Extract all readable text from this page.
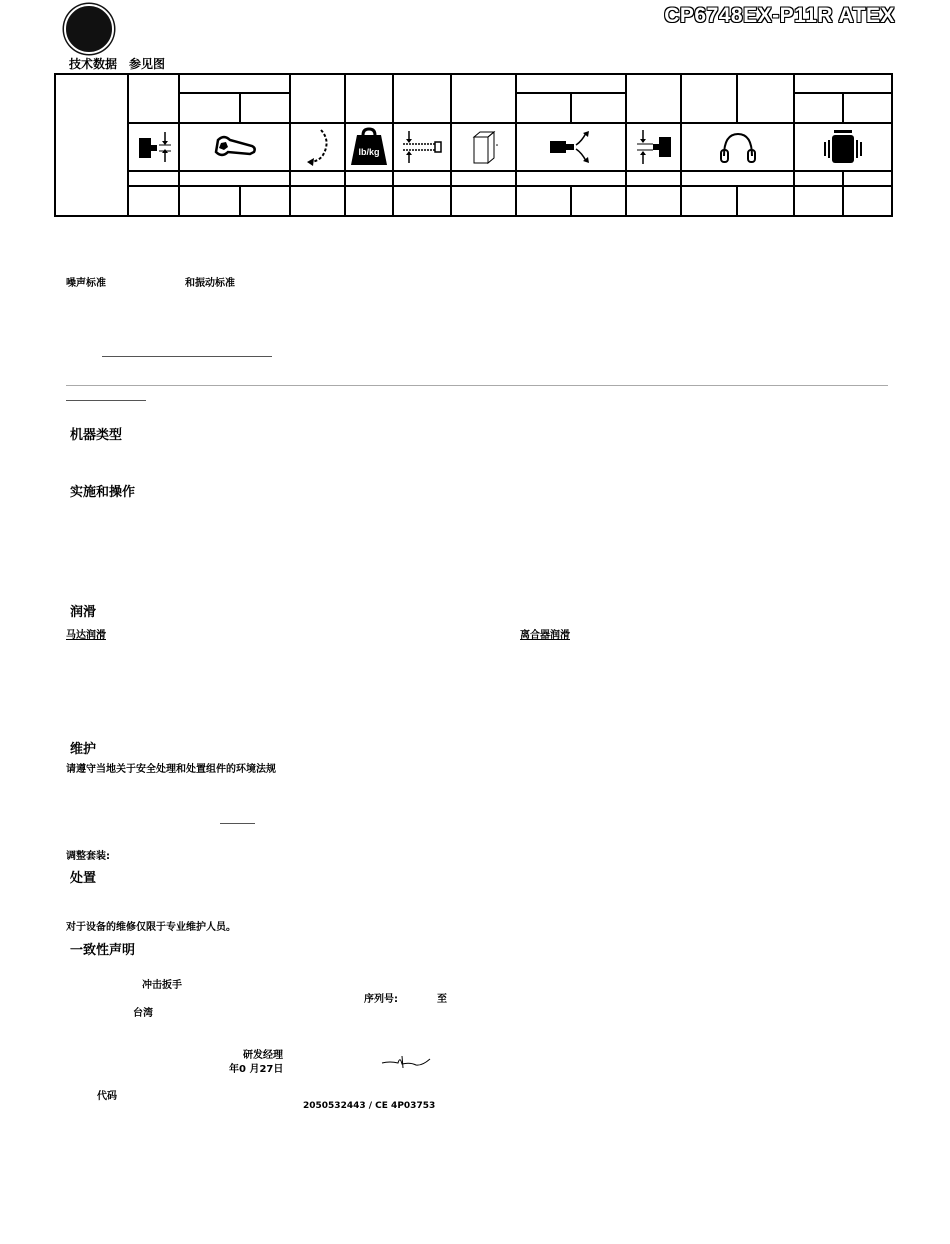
CP6748EX-P11R ATEX
技术数据　参见图
lb/kg
噪声标准	和振动标准
机器类型
实施和操作
润滑
马达润滑	离合器润滑
维护
请遵守当地关于安全处理和处置组件的环境法规
调整套装:
处置
对于设备的维修仅限于专业维护人员。
一致性声明
冲击扳手
序列号:	至
台湾
研发经理
年0 月27日
代码
2050532443 / CE 4P03753
